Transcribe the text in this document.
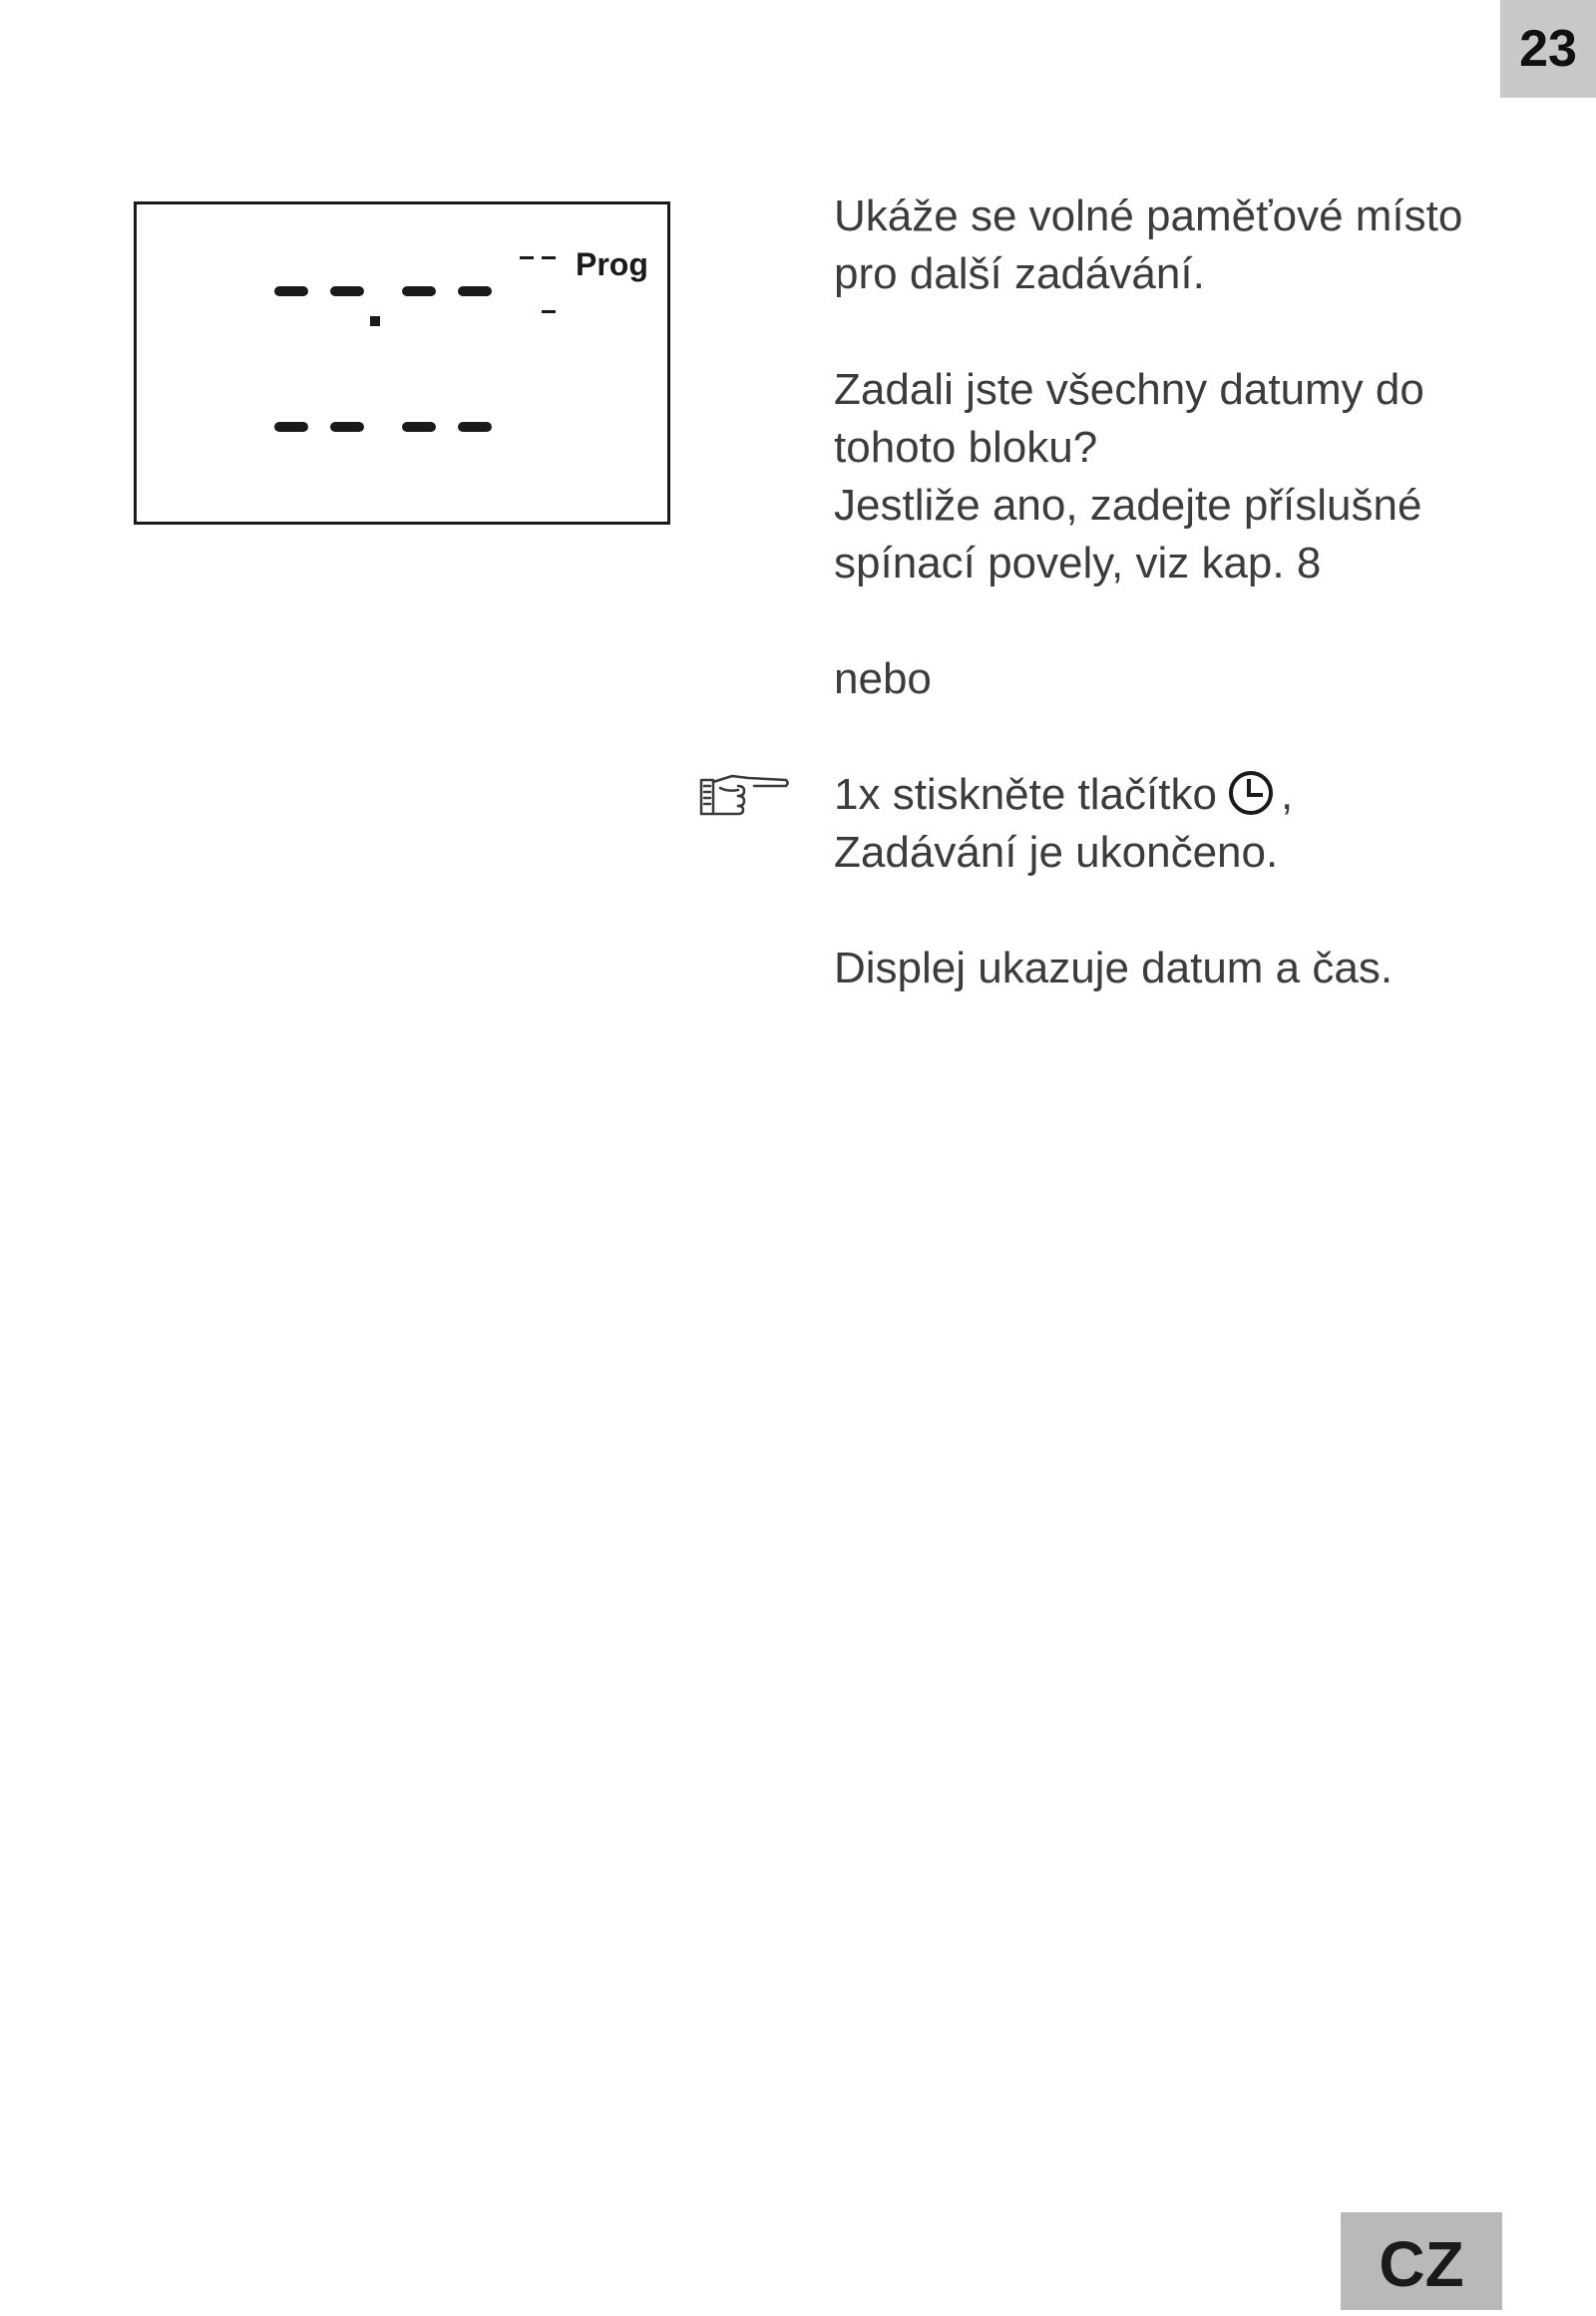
23
Prog

Ukáže se volné paměťové místo

pro další zadávání.

Zadali jste všechny datumy do

tohoto bloku?

Jestliže ano, zadejte příslušné

spínací povely, viz kap. 8

nebo

1x stiskněte tlačítko ,

Zadávání je ukončeno.

Displej ukazuje datum a čas.

CZ
